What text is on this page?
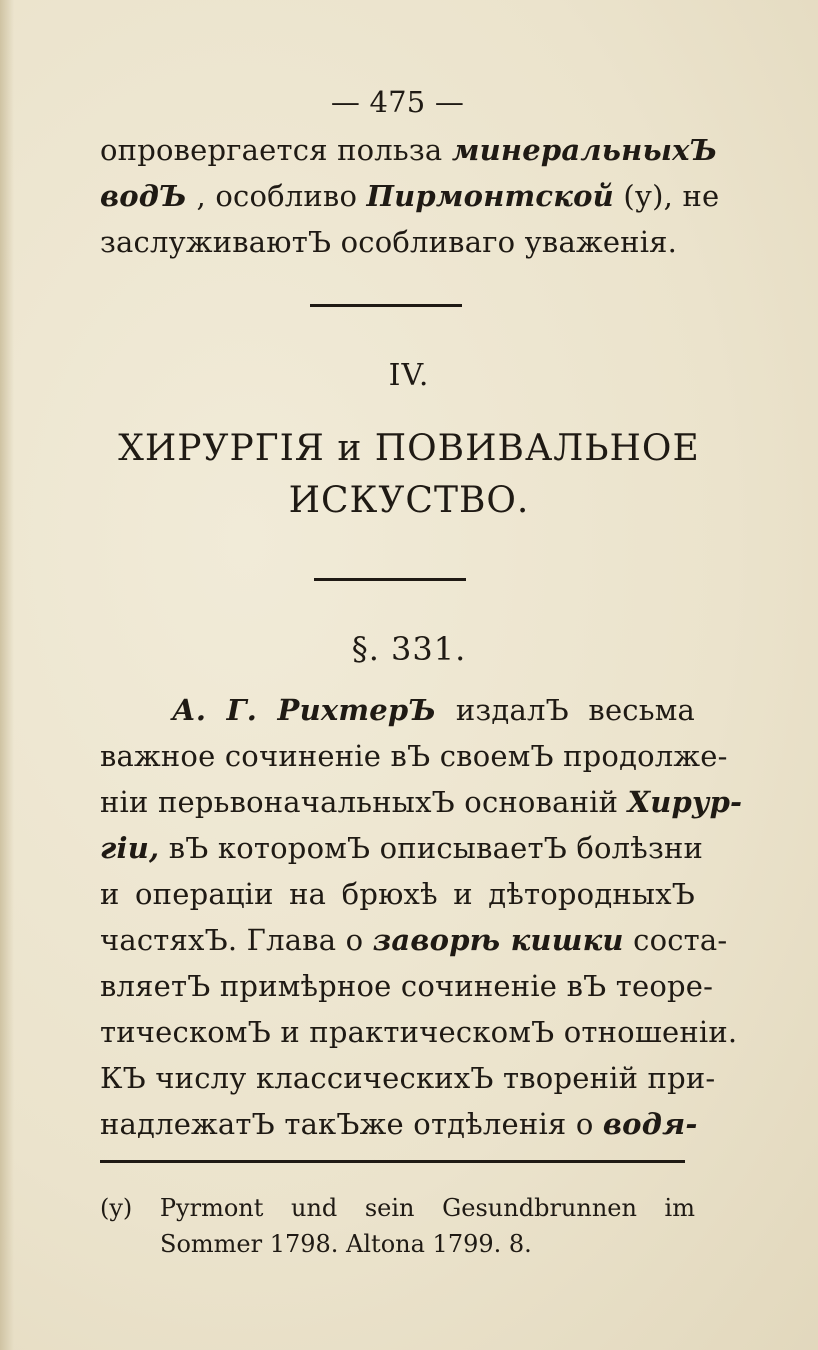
— 475 —
опровергается польза минеральныхЪ
водЪ , особливо Пирмонтской (у), не
заслуживаютЪ особливаго уваженія.
IV.
ХИРУРГІЯ и ПОВИВАЛЬНОЕ
ИСКУСТВО.
§. 331.
А. Г. РихтерЪ издалЪ весьма
важное сочиненіе вЪ своемЪ продолже-
ніи перьвоначальныхЪ основаній Хирур-
гіи, вЪ которомЪ описываетЪ болѣзни
и операціи на брюхѣ и дѣтородныхЪ
частяхЪ. Глава о заворѣ кишки соста-
вляетЪ примѣрное сочиненіе вЪ теоре-
тическомЪ и практическомЪ отношеніи.
КЪ числу классическихЪ твореній при-
надлежатЪ такЪже отдѣленія о водя-
(y) Pyrmont und sein Gesundbrunnen im
Sommer 1798. Altona 1799. 8.
